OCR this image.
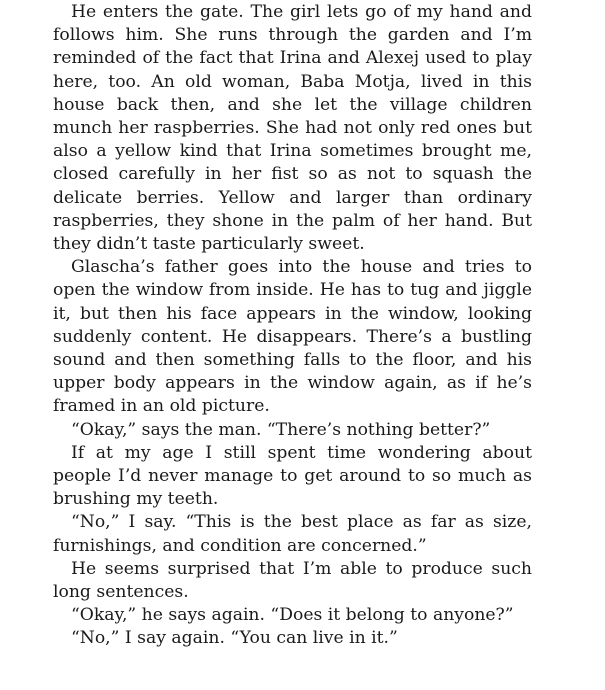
He enters the gate. The girl lets go of my hand and follows him. She runs through the garden and I’m reminded of the fact that Irina and Alexej used to play here, too. An old woman, Baba Motja, lived in this house back then, and she let the village children munch her raspberries. She had not only red ones but also a yellow kind that Irina sometimes brought me, closed carefully in her fist so as not to squash the delicate berries. Yellow and larger than ordinary raspberries, they shone in the palm of her hand. But they didn’t taste particularly sweet.

Glascha’s father goes into the house and tries to open the window from inside. He has to tug and jiggle it, but then his face appears in the window, looking suddenly content. He disappears. There’s a bustling sound and then something falls to the floor, and his upper body appears in the window again, as if he’s framed in an old picture.

“Okay,” says the man. “There’s nothing better?”

If at my age I still spent time wondering about people I’d never manage to get around to so much as brushing my teeth.

“No,” I say. “This is the best place as far as size, furnishings, and condition are concerned.”

He seems surprised that I’m able to produce such long sentences.

“Okay,” he says again. “Does it belong to anyone?”

“No,” I say again. “You can live in it.”
